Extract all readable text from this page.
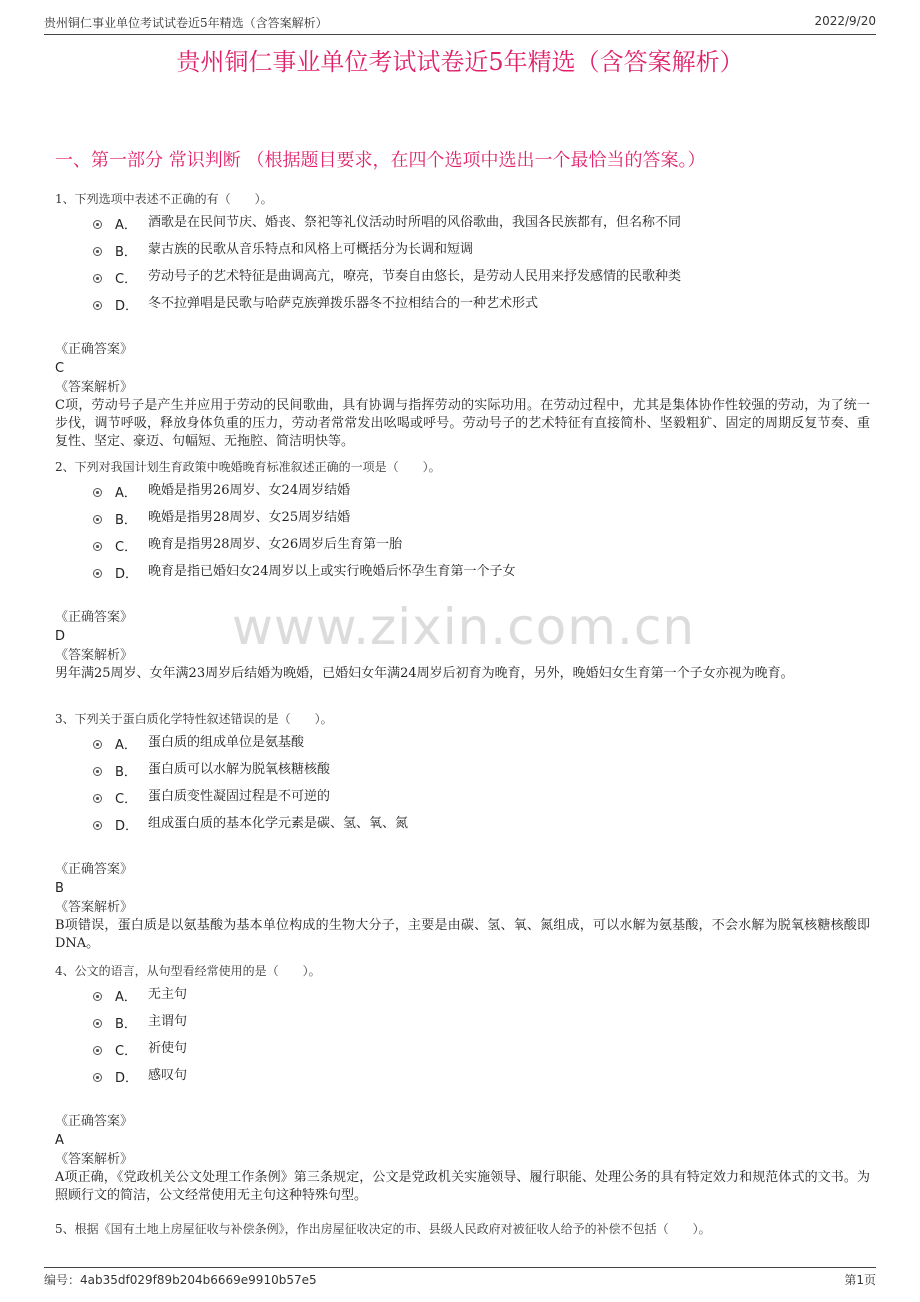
贵州铜仁事业单位考试试卷近5年精选（含答案解析）	2022/9/20
贵州铜仁事业单位考试试卷近5年精选（含答案解析）
一、第一部分 常识判断 （根据题目要求，在四个选项中选出一个最恰当的答案。）
www.zixin.com.cn
1、下列选项中表述不正确的有（　　）。
A． 酒歌是在民间节庆、婚丧、祭祀等礼仪活动时所唱的风俗歌曲，我国各民族都有，但名称不同
B． 蒙古族的民歌从音乐特点和风格上可概括分为长调和短调
C． 劳动号子的艺术特征是曲调高亢，嘹亮，节奏自由悠长，是劳动人民用来抒发感情的民歌种类
D． 冬不拉弹唱是民歌与哈萨克族弹拨乐器冬不拉相结合的一种艺术形式
《正确答案》
C
《答案解析》
C项，劳动号子是产生并应用于劳动的民间歌曲，具有协调与指挥劳动的实际功用。在劳动过程中，尤其是集体协作性较强的劳动，为了统一步伐，调节呼吸，释放身体负重的压力，劳动者常常发出吆喝或呼号。劳动号子的艺术特征有直接简朴、坚毅粗犷、固定的周期反复节奏、重复性、坚定、豪迈、句幅短、无拖腔、简洁明快等。
2、下列对我国计划生育政策中晚婚晚育标准叙述正确的一项是（　　）。
A． 晚婚是指男26周岁、女24周岁结婚
B． 晚婚是指男28周岁、女25周岁结婚
C． 晚育是指男28周岁、女26周岁后生育第一胎
D． 晚育是指已婚妇女24周岁以上或实行晚婚后怀孕生育第一个子女
《正确答案》
D
《答案解析》
男年满25周岁、女年满23周岁后结婚为晚婚，已婚妇女年满24周岁后初育为晚育，另外，晚婚妇女生育第一个子女亦视为晚育。
3、下列关于蛋白质化学特性叙述错误的是（　　）。
A． 蛋白质的组成单位是氨基酸
B． 蛋白质可以水解为脱氧核糖核酸
C． 蛋白质变性凝固过程是不可逆的
D． 组成蛋白质的基本化学元素是碳、氢、氧、氮
《正确答案》
B
《答案解析》
B项错误，蛋白质是以氨基酸为基本单位构成的生物大分子，主要是由碳、氢、氧、氮组成，可以水解为氨基酸，不会水解为脱氧核糖核酸即DNA。
4、公文的语言，从句型看经常使用的是（　　）。
A． 无主句
B． 主谓句
C． 祈使句
D． 感叹句
《正确答案》
A
《答案解析》
A项正确，《党政机关公文处理工作条例》第三条规定，公文是党政机关实施领导、履行职能、处理公务的具有特定效力和规范体式的文书。为照顾行文的简洁，公文经常使用无主句这种特殊句型。
5、根据《国有土地上房屋征收与补偿条例》，作出房屋征收决定的市、县级人民政府对被征收人给予的补偿不包括（　　）。
编号：4ab35df029f89b204b6669e9910b57e5	第1页
